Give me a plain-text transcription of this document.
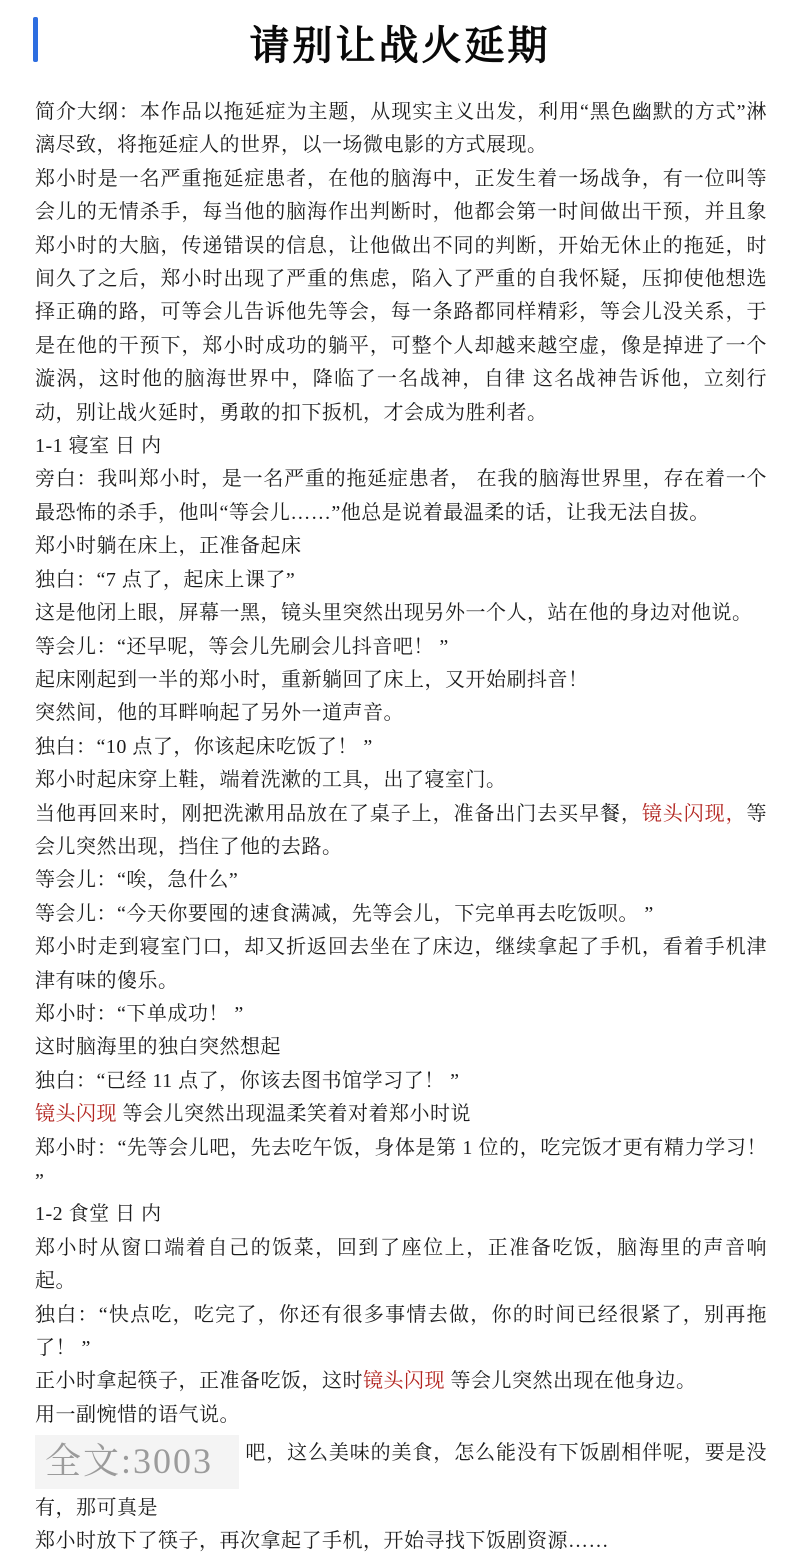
请别让战火延期

简介大纲：本作品以拖延症为主题，从现实主义出发，利用“黑色幽默的方式”淋漓尽致，将拖延症人的世界，以一场微电影的方式展现。

郑小时是一名严重拖延症患者，在他的脑海中，正发生着一场战争，有一位叫等会儿的无情杀手，每当他的脑海作出判断时，他都会第一时间做出干预，并且象郑小时的大脑，传递错误的信息，让他做出不同的判断，开始无休止的拖延，时间久了之后，郑小时出现了严重的焦虑，陷入了严重的自我怀疑，压抑使他想选择正确的路，可等会儿告诉他先等会，每一条路都同样精彩，等会儿没关系，于是在他的干预下，郑小时成功的躺平，可整个人却越来越空虚，像是掉进了一个漩涡，这时他的脑海世界中，降临了一名战神，自律 这名战神告诉他，立刻行动，别让战火延时，勇敢的扣下扳机，才会成为胜利者。

1-1 寝室 日 内

旁白：我叫郑小时，是一名严重的拖延症患者， 在我的脑海世界里，存在着一个最恐怖的杀手，他叫“等会儿……”他总是说着最温柔的话，让我无法自拔。

郑小时躺在床上，正准备起床

独白：“7 点了，起床上课了”

这是他闭上眼，屏幕一黑，镜头里突然出现另外一个人，站在他的身边对他说。

等会儿：“还早呢，等会儿先刷会儿抖音吧！ ”

起床刚起到一半的郑小时，重新躺回了床上，又开始刷抖音！

突然间，他的耳畔响起了另外一道声音。

独白：“10 点了，你该起床吃饭了！ ”

郑小时起床穿上鞋，端着洗漱的工具，出了寝室门。

当他再回来时，刚把洗漱用品放在了桌子上，准备出门去买早餐，镜头闪现，等会儿突然出现，挡住了他的去路。

等会儿：“唉，急什么”

等会儿：“今天你要囤的速食满减，先等会儿，下完单再去吃饭呗。 ”

郑小时走到寝室门口，却又折返回去坐在了床边，继续拿起了手机，看着手机津津有味的傻乐。

郑小时：“下单成功！ ”

这时脑海里的独白突然想起

独白：“已经 11 点了，你该去图书馆学习了！ ”

镜头闪现 等会儿突然出现温柔笑着对着郑小时说

郑小时：“先等会儿吧，先去吃午饭，身体是第 1 位的，吃完饭才更有精力学习！ ”

1-2 食堂 日 内

郑小时从窗口端着自己的饭菜，回到了座位上，正准备吃饭，脑海里的声音响起。

独白：“快点吃，吃完了，你还有很多事情去做，你的时间已经很紧了，别再拖了！ ”

正小时拿起筷子，正准备吃饭，这时镜头闪现 等会儿突然出现在他身边。

用一副惋惜的语气说。

全文:3003 吧，这么美味的美食，怎么能没有下饭剧相伴呢，要是没有，那可真是

郑小时放下了筷子，再次拿起了手机，开始寻找下饭剧资源……
